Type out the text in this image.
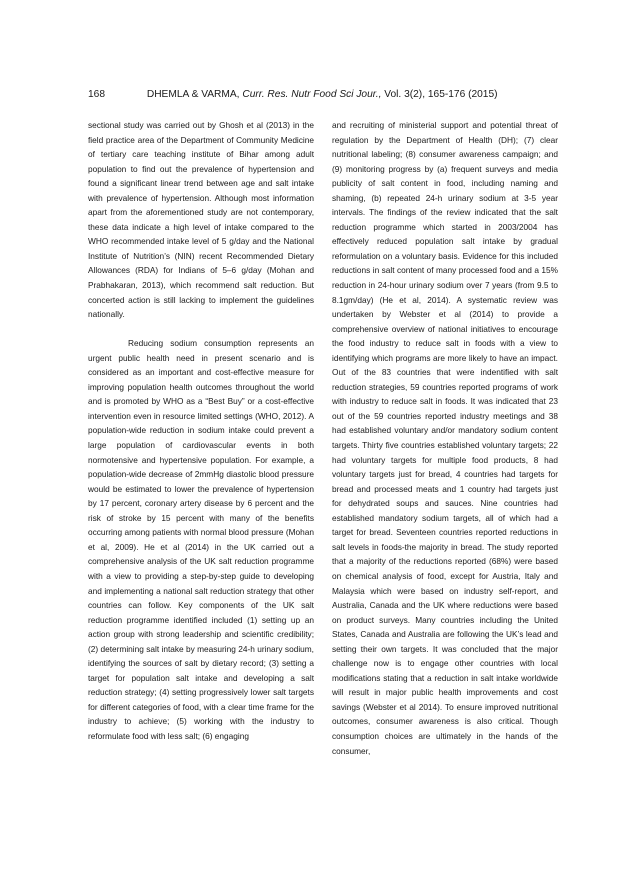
168	DHEMLA & VARMA, Curr. Res. Nutr Food Sci Jour., Vol. 3(2), 165-176 (2015)

sectional study was carried out by Ghosh et al (2013) in the field practice area of the Department of Community Medicine of tertiary care teaching institute of Bihar among adult population to find out the prevalence of hypertension and found a significant linear trend between age and salt intake with prevalence of hypertension. Although most information apart from the aforementioned study are not contemporary, these data indicate a high level of intake compared to the WHO recommended intake level of 5 g/day and the National Institute of Nutrition’s (NIN) recent Recommended Dietary Allowances (RDA) for Indians of 5–6 g/day (Mohan and Prabhakaran, 2013), which recommend salt reduction. But concerted action is still lacking to implement the guidelines nationally.

Reducing sodium consumption represents an urgent public health need in present scenario and is considered as an important and cost-effective measure for improving population health outcomes throughout the world and is promoted by WHO as a “Best Buy” or a cost-effective intervention even in resource limited settings (WHO, 2012). A population-wide reduction in sodium intake could prevent a large population of cardiovascular events in both normotensive and hypertensive population. For example, a population-wide decrease of 2mmHg diastolic blood pressure would be estimated to lower the prevalence of hypertension by 17 percent, coronary artery disease by 6 percent and the risk of stroke by 15 percent with many of the benefits occurring among patients with normal blood pressure (Mohan et al, 2009). He et al (2014) in the UK carried out a comprehensive analysis of the UK salt reduction programme with a view to providing a step-by-step guide to developing and implementing a national salt reduction strategy that other countries can follow. Key components of the UK salt reduction programme identified included (1) setting up an action group with strong leadership and scientific credibility; (2) determining salt intake by measuring 24-h urinary sodium, identifying the sources of salt by dietary record; (3) setting a target for population salt intake and developing a salt reduction strategy; (4) setting progressively lower salt targets for different categories of food, with a clear time frame for the industry to achieve; (5) working with the industry to reformulate food with less salt; (6) engaging

and recruiting of ministerial support and potential threat of regulation by the Department of Health (DH); (7) clear nutritional labeling; (8) consumer awareness campaign; and (9) monitoring progress by (a) frequent surveys and media publicity of salt content in food, including naming and shaming, (b) repeated 24-h urinary sodium at 3-5 year intervals. The findings of the review indicated that the salt reduction programme which started in 2003/2004 has effectively reduced population salt intake by gradual reformulation on a voluntary basis. Evidence for this included reductions in salt content of many processed food and a 15% reduction in 24-hour urinary sodium over 7 years (from 9.5 to 8.1gm/day) (He et al, 2014). A systematic review was undertaken by Webster et al (2014) to provide a comprehensive overview of national initiatives to encourage the food industry to reduce salt in foods with a view to identifying which programs are more likely to have an impact. Out of the 83 countries that were indentified with salt reduction strategies, 59 countries reported programs of work with industry to reduce salt in foods. It was indicated that 23 out of the 59 countries reported industry meetings and 38 had established voluntary and/or mandatory sodium content targets. Thirty five countries established voluntary targets; 22 had voluntary targets for multiple food products, 8 had voluntary targets just for bread, 4 countries had targets for bread and processed meats and 1 country had targets just for dehydrated soups and sauces. Nine countries had established mandatory sodium targets, all of which had a target for bread. Seventeen countries reported reductions in salt levels in foods-the majority in bread. The study reported that a majority of the reductions reported (68%) were based on chemical analysis of food, except for Austria, Italy and Malaysia which were based on industry self-report, and Australia, Canada and the UK where reductions were based on product surveys. Many countries including the United States, Canada and Australia are following the UK’s lead and setting their own targets. It was concluded that the major challenge now is to engage other countries with local modifications stating that a reduction in salt intake worldwide will result in major public health improvements and cost savings (Webster et al 2014). To ensure improved nutritional outcomes, consumer awareness is also critical. Though consumption choices are ultimately in the hands of the consumer,
